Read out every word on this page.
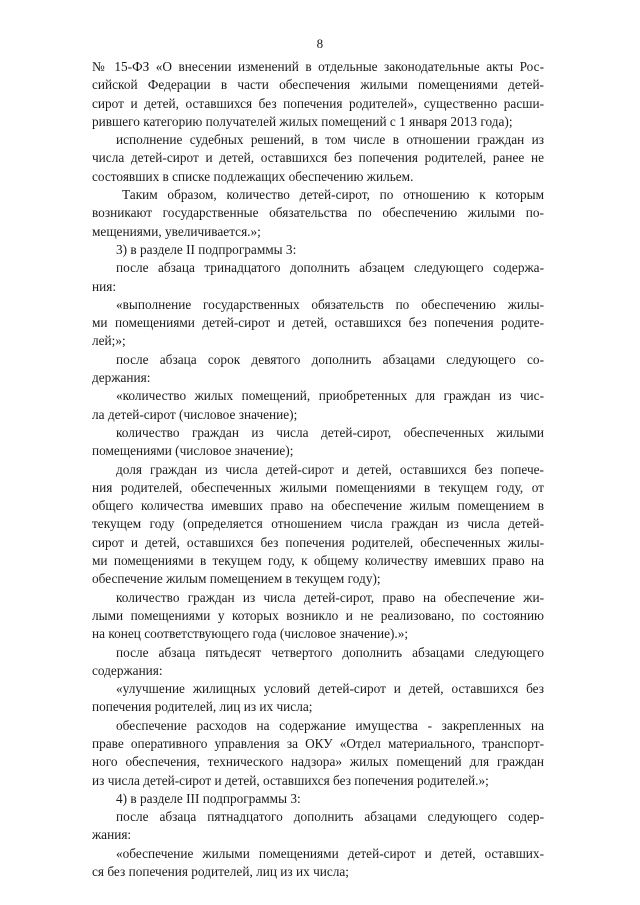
8
№ 15-ФЗ «О внесении изменений в отдельные законодательные акты Рос-
сийской Федерации в части обеспечения жилыми помещениями детей-
сирот и детей, оставшихся без попечения родителей», существенно расши-
рившего категорию получателей жилых помещений с 1 января 2013 года);
исполнение судебных решений, в том числе в отношении граждан из
числа детей-сирот и детей, оставшихся без попечения родителей, ранее не
состоявших в списке подлежащих обеспечению жильем.
Таким образом, количество детей-сирот, по отношению к которым
возникают государственные обязательства по обеспечению жилыми по-
мещениями, увеличивается.»;
3) в разделе II подпрограммы 3:
после абзаца тринадцатого дополнить абзацем следующего содержа-
ния:
«выполнение государственных обязательств по обеспечению жилы-
ми помещениями детей-сирот и детей, оставшихся без попечения родите-
лей;»;
после абзаца сорок девятого дополнить абзацами следующего со-
держания:
«количество жилых помещений, приобретенных для граждан из чис-
ла детей-сирот (числовое значение);
количество граждан из числа детей-сирот, обеспеченных жилыми
помещениями (числовое значение);
доля граждан из числа детей-сирот и детей, оставшихся без попече-
ния родителей, обеспеченных жилыми помещениями в текущем году, от
общего количества имевших право на обеспечение жилым помещением в
текущем году (определяется отношением числа граждан из числа детей-
сирот и детей, оставшихся без попечения родителей, обеспеченных жилы-
ми помещениями в текущем году, к общему количеству имевших право на
обеспечение жилым помещением в текущем году);
количество граждан из числа детей-сирот, право на обеспечение жи-
лыми помещениями у которых возникло и не реализовано, по состоянию
на конец соответствующего года (числовое значение).»;
после абзаца пятьдесят четвертого дополнить абзацами следующего
содержания:
«улучшение жилищных условий детей-сирот и детей, оставшихся без
попечения родителей, лиц из их числа;
обеспечение расходов на содержание имущества - закрепленных на
праве оперативного управления за ОКУ «Отдел материального, транспорт-
ного обеспечения, технического надзора» жилых помещений для граждан
из числа детей-сирот и детей, оставшихся без попечения родителей.»;
4) в разделе III подпрограммы 3:
после абзаца пятнадцатого дополнить абзацами следующего содер-
жания:
«обеспечение жилыми помещениями детей-сирот и детей, оставших-
ся без попечения родителей, лиц из их числа;
